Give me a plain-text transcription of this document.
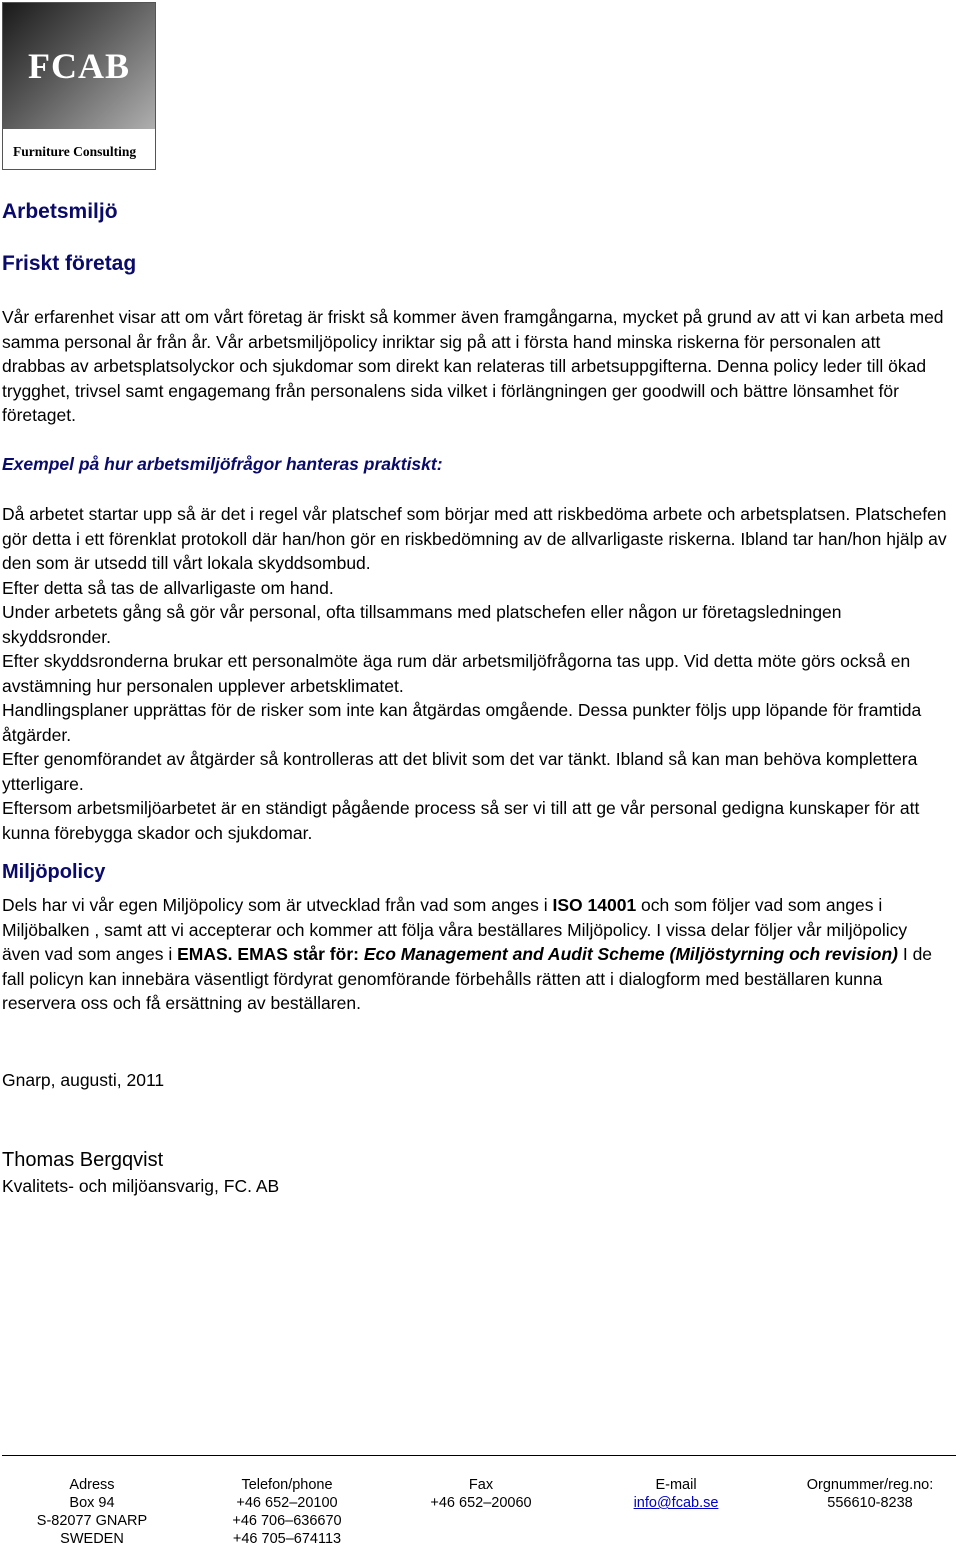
FCAB
Furniture Consulting
Arbetsmiljö
Friskt företag

Vår erfarenhet visar att om vårt företag är friskt så kommer även framgångarna, mycket på grund av att vi kan arbeta med samma personal år från år. Vår arbetsmiljöpolicy inriktar sig på att i första hand minska riskerna för personalen att drabbas av arbetsplatsolyckor och sjukdomar som direkt kan relateras till arbetsuppgifterna. Denna policy leder till ökad trygghet, trivsel samt engagemang från personalens sida vilket i förlängningen ger goodwill och bättre lönsamhet för företaget.

Exempel på hur arbetsmiljöfrågor hanteras praktiskt:

Då arbetet startar upp så är det i regel vår platschef som börjar med att riskbedöma arbete och arbetsplatsen. Platschefen gör detta i ett förenklat protokoll där han/hon gör en riskbedömning av de allvarligaste riskerna. Ibland tar han/hon hjälp av den som är utsedd till vårt lokala skyddsombud.

Efter detta så tas de allvarligaste om hand.

Under arbetets gång så gör vår personal, ofta tillsammans med platschefen eller någon ur företagsledningen skyddsronder.

Efter skyddsronderna brukar ett personalmöte äga rum där arbetsmiljöfrågorna tas upp. Vid detta möte görs också en avstämning hur personalen upplever arbetsklimatet.

Handlingsplaner upprättas för de risker som inte kan åtgärdas omgående. Dessa punkter följs upp löpande för framtida åtgärder.

Efter genomförandet av åtgärder så kontrolleras att det blivit som det var tänkt. Ibland så kan man behöva komplettera ytterligare.

Eftersom arbetsmiljöarbetet är en ständigt pågående process så ser vi till att ge vår personal gedigna kunskaper för att kunna förebygga skador och sjukdomar.

Miljöpolicy

Dels har vi vår egen Miljöpolicy som är utvecklad från vad som anges i ISO 14001 och som följer vad som anges i Miljöbalken , samt att vi accepterar och kommer att följa våra beställares Miljöpolicy. I vissa delar följer vår miljöpolicy även vad som anges i EMAS. EMAS står för: Eco Management and Audit Scheme (Miljöstyrning och revision) I de fall policyn kan innebära väsentligt fördyrat genomförande förbehålls rätten att i dialogform med beställaren kunna reservera oss och få ersättning av beställaren.

Gnarp, augusti, 2011
Thomas Bergqvist
Kvalitets- och miljöansvarig, FC. AB
Adress
Box 94
S-82077 GNARP
SWEDEN
Telefon/phone
+46 652–20100
+46 706–636670
+46 705–674113
Fax
+46 652–20060
E-mail
info@fcab.se
Orgnummer/reg.no:
556610-8238
